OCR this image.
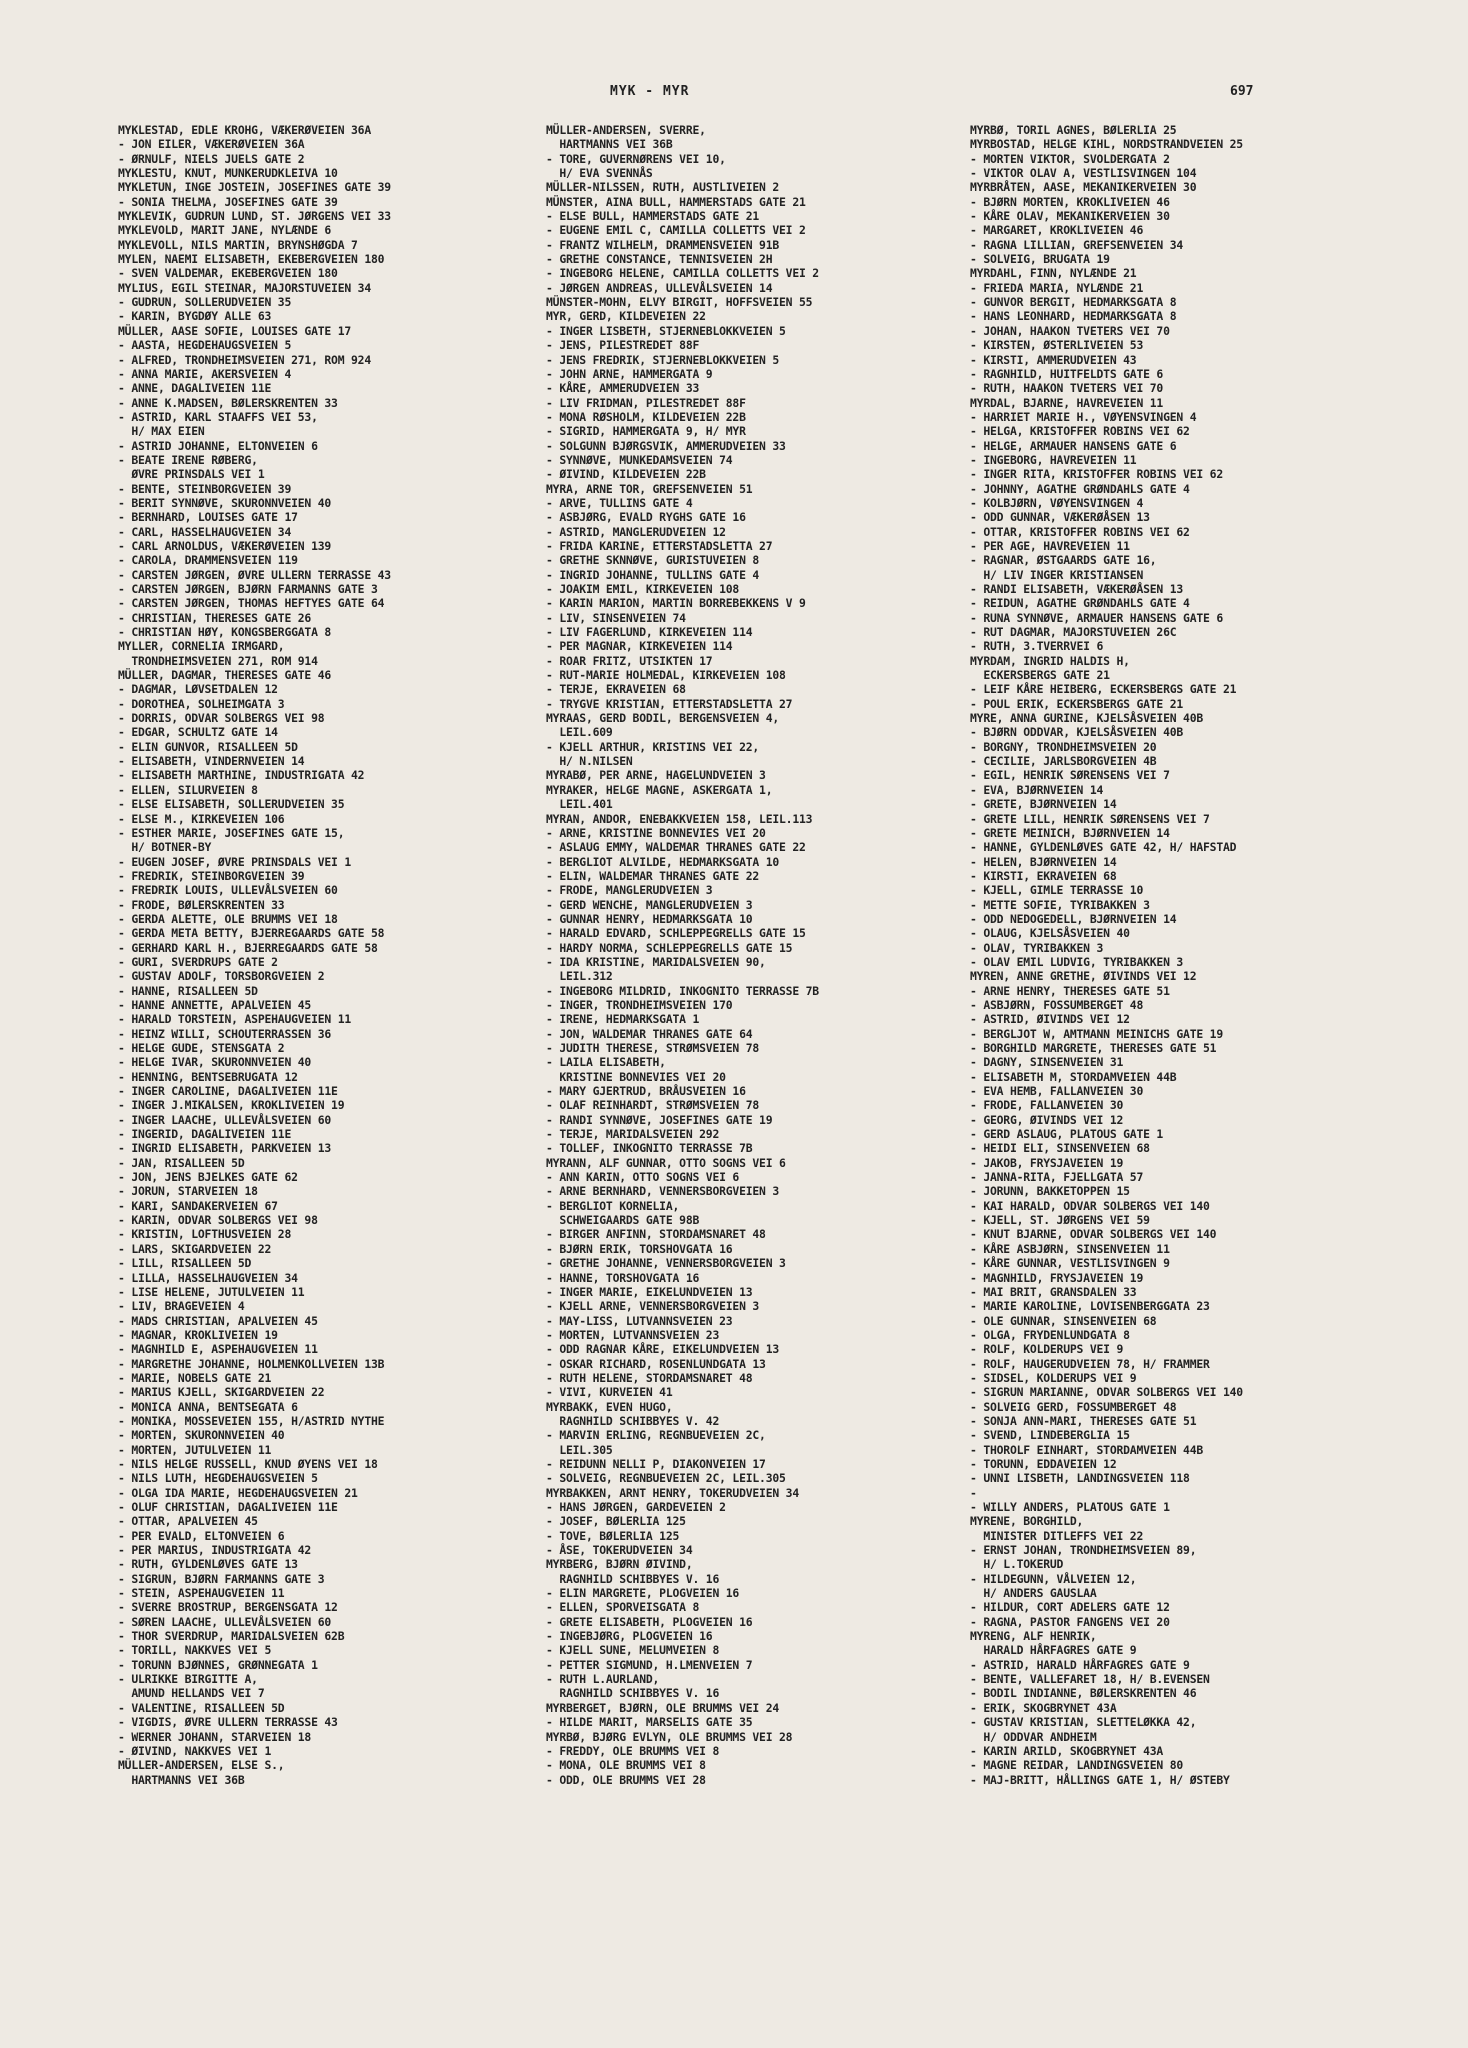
MYK - MYR	697
MYKLESTAD, EDLE KROHG, VÆKERØVEIEN 36A
- JON EILER, VÆKERØVEIEN 36A
- ØRNULF, NIELS JUELS GATE 2
MYKLESTU, KNUT, MUNKERUDKLEIVA 10
MYKLETUN, INGE JOSTEIN, JOSEFINES GATE 39
- SONIA THELMA, JOSEFINES GATE 39
MYKLEVIK, GUDRUN LUND, ST. JØRGENS VEI 33
MYKLEVOLD, MARIT JANE, NYLÆNDE 6
MYKLEVOLL, NILS MARTIN, BRYNSHØGDA 7
MYLEN, NAEMI ELISABETH, EKEBERGVEIEN 180
- SVEN VALDEMAR, EKEBERGVEIEN 180
MYLIUS, EGIL STEINAR, MAJORSTUVEIEN 34
- GUDRUN, SOLLERUDVEIEN 35
- KARIN, BYGDØY ALLE 63
MÜLLER, AASE SOFIE, LOUISES GATE 17
- AASTA, HEGDEHAUGSVEIEN 5
- ALFRED, TRONDHEIMSVEIEN 271, ROM 924
- ANNA MARIE, AKERSVEIEN 4
- ANNE, DAGALIVEIEN 11E
- ANNE K.MADSEN, BØLERSKRENTEN 33
- ASTRID, KARL STAAFFS VEI 53,
H/ MAX EIEN
- ASTRID JOHANNE, ELTONVEIEN 6
- BEATE IRENE RØBERG,
ØVRE PRINSDALS VEI 1
- BENTE, STEINBORGVEIEN 39
- BERIT SYNNØVE, SKURONNVEIEN 40
- BERNHARD, LOUISES GATE 17
- CARL, HASSELHAUGVEIEN 34
- CARL ARNOLDUS, VÆKERØVEIEN 139
- CAROLA, DRAMMENSVEIEN 119
- CARSTEN JØRGEN, ØVRE ULLERN TERRASSE 43
- CARSTEN JØRGEN, BJØRN FARMANNS GATE 3
- CARSTEN JØRGEN, THOMAS HEFTYES GATE 64
- CHRISTIAN, THERESES GATE 26
- CHRISTIAN HØY, KONGSBERGGATA 8
MYLLER, CORNELIA IRMGARD,
TRONDHEIMSVEIEN 271, ROM 914
MÜLLER, DAGMAR, THERESES GATE 46
- DAGMAR, LØVSETDALEN 12
- DOROTHEA, SOLHEIMGATA 3
- DORRIS, ODVAR SOLBERGS VEI 98
- EDGAR, SCHULTZ GATE 14
- ELIN GUNVOR, RISALLEEN 5D
- ELISABETH, VINDERNVEIEN 14
- ELISABETH MARTHINE, INDUSTRIGATA 42
- ELLEN, SILURVEIEN 8
- ELSE ELISABETH, SOLLERUDVEIEN 35
- ELSE M., KIRKEVEIEN 106
- ESTHER MARIE, JOSEFINES GATE 15,
H/ BOTNER-BY
- EUGEN JOSEF, ØVRE PRINSDALS VEI 1
- FREDRIK, STEINBORGVEIEN 39
- FREDRIK LOUIS, ULLEVÅLSVEIEN 60
- FRODE, BØLERSKRENTEN 33
- GERDA ALETTE, OLE BRUMMS VEI 18
- GERDA META BETTY, BJERREGAARDS GATE 58
- GERHARD KARL H., BJERREGAARDS GATE 58
- GURI, SVERDRUPS GATE 2
- GUSTAV ADOLF, TORSBORGVEIEN 2
- HANNE, RISALLEEN 5D
- HANNE ANNETTE, APALVEIEN 45
- HARALD TORSTEIN, ASPEHAUGVEIEN 11
- HEINZ WILLI, SCHOUTERRASSEN 36
- HELGE GUDE, STENSGATA 2
- HELGE IVAR, SKURONNVEIEN 40
- HENNING, BENTSEBRUGATA 12
- INGER CAROLINE, DAGALIVEIEN 11E
- INGER J.MIKALSEN, KROKLIVEIEN 19
- INGER LAACHE, ULLEVÅLSVEIEN 60
- INGERID, DAGALIVEIEN 11E
- INGRID ELISABETH, PARKVEIEN 13
- JAN, RISALLEEN 5D
- JON, JENS BJELKES GATE 62
- JORUN, STARVEIEN 18
- KARI, SANDAKERVEIEN 67
- KARIN, ODVAR SOLBERGS VEI 98
- KRISTIN, LOFTHUSVEIEN 28
- LARS, SKIGARDVEIEN 22
- LILL, RISALLEEN 5D
- LILLA, HASSELHAUGVEIEN 34
- LISE HELENE, JUTULVEIEN 11
- LIV, BRAGEVEIEN 4
- MADS CHRISTIAN, APALVEIEN 45
- MAGNAR, KROKLIVEIEN 19
- MAGNHILD E, ASPEHAUGVEIEN 11
- MARGRETHE JOHANNE, HOLMENKOLLVEIEN 13B
- MARIE, NOBELS GATE 21
- MARIUS KJELL, SKIGARDVEIEN 22
- MONICA ANNA, BENTSEGATA 6
- MONIKA, MOSSEVEIEN 155, H/ASTRID NYTHE
- MORTEN, SKURONNVEIEN 40
- MORTEN, JUTULVEIEN 11
- NILS HELGE RUSSELL, KNUD ØYENS VEI 18
- NILS LUTH, HEGDEHAUGSVEIEN 5
- OLGA IDA MARIE, HEGDEHAUGSVEIEN 21
- OLUF CHRISTIAN, DAGALIVEIEN 11E
- OTTAR, APALVEIEN 45
- PER EVALD, ELTONVEIEN 6
- PER MARIUS, INDUSTRIGATA 42
- RUTH, GYLDENLØVES GATE 13
- SIGRUN, BJØRN FARMANNS GATE 3
- STEIN, ASPEHAUGVEIEN 11
- SVERRE BROSTRUP, BERGENSGATA 12
- SØREN LAACHE, ULLEVÅLSVEIEN 60
- THOR SVERDRUP, MARIDALSVEIEN 62B
- TORILL, NAKKVES VEI 5
- TORUNN BJØNNES, GRØNNEGATA 1
- ULRIKKE BIRGITTE A,
AMUND HELLANDS VEI 7
- VALENTINE, RISALLEEN 5D
- VIGDIS, ØVRE ULLERN TERRASSE 43
- WERNER JOHANN, STARVEIEN 18
- ØIVIND, NAKKVES VEI 1
MÜLLER-ANDERSEN, ELSE S.,
HARTMANNS VEI 36B
MÜLLER-ANDERSEN, SVERRE,
HARTMANNS VEI 36B
- TORE, GUVERNØRENS VEI 10,
H/ EVA SVENNÅS
MÜLLER-NILSSEN, RUTH, AUSTLIVEIEN 2
MÜNSTER, AINA BULL, HAMMERSTADS GATE 21
- ELSE BULL, HAMMERSTADS GATE 21
- EUGENE EMIL C, CAMILLA COLLETTS VEI 2
- FRANTZ WILHELM, DRAMMENSVEIEN 91B
- GRETHE CONSTANCE, TENNISVEIEN 2H
- INGEBORG HELENE, CAMILLA COLLETTS VEI 2
- JØRGEN ANDREAS, ULLEVÅLSVEIEN 14
MÜNSTER-MOHN, ELVY BIRGIT, HOFFSVEIEN 55
MYR, GERD, KILDEVEIEN 22
- INGER LISBETH, STJERNEBLOKKVEIEN 5
- JENS, PILESTREDET 88F
- JENS FREDRIK, STJERNEBLOKKVEIEN 5
- JOHN ARNE, HAMMERGATA 9
- KÅRE, AMMERUDVEIEN 33
- LIV FRIDMAN, PILESTREDET 88F
- MONA RØSHOLM, KILDEVEIEN 22B
- SIGRID, HAMMERGATA 9, H/ MYR
- SOLGUNN BJØRGSVIK, AMMERUDVEIEN 33
- SYNNØVE, MUNKEDAMSVEIEN 74
- ØIVIND, KILDEVEIEN 22B
MYRA, ARNE TOR, GREFSENVEIEN 51
- ARVE, TULLINS GATE 4
- ASBJØRG, EVALD RYGHS GATE 16
- ASTRID, MANGLERUDVEIEN 12
- FRIDA KARINE, ETTERSTADSLETTA 27
- GRETHE SKNNØVE, GURISTUVEIEN 8
- INGRID JOHANNE, TULLINS GATE 4
- JOAKIM EMIL, KIRKEVEIEN 108
- KARIN MARION, MARTIN BORREBEKKENS V 9
- LIV, SINSENVEIEN 74
- LIV FAGERLUND, KIRKEVEIEN 114
- PER MAGNAR, KIRKEVEIEN 114
- ROAR FRITZ, UTSIKTEN 17
- RUT-MARIE HOLMEDAL, KIRKEVEIEN 108
- TERJE, EKRAVEIEN 68
- TRYGVE KRISTIAN, ETTERSTADSLETTA 27
MYRAAS, GERD BODIL, BERGENSVEIEN 4,
LEIL.609
- KJELL ARTHUR, KRISTINS VEI 22,
H/ N.NILSEN
MYRABØ, PER ARNE, HAGELUNDVEIEN 3
MYRAKER, HELGE MAGNE, ASKERGATA 1,
LEIL.401
MYRAN, ANDOR, ENEBAKKVEIEN 158, LEIL.113
- ARNE, KRISTINE BONNEVIES VEI 20
- ASLAUG EMMY, WALDEMAR THRANES GATE 22
- BERGLIOT ALVILDE, HEDMARKSGATA 10
- ELIN, WALDEMAR THRANES GATE 22
- FRODE, MANGLERUDVEIEN 3
- GERD WENCHE, MANGLERUDVEIEN 3
- GUNNAR HENRY, HEDMARKSGATA 10
- HARALD EDVARD, SCHLEPPEGRELLS GATE 15
- HARDY NORMA, SCHLEPPEGRELLS GATE 15
- IDA KRISTINE, MARIDALSVEIEN 90,
LEIL.312
- INGEBORG MILDRID, INKOGNITO TERRASSE 7B
- INGER, TRONDHEIMSVEIEN 170
- IRENE, HEDMARKSGATA 1
- JON, WALDEMAR THRANES GATE 64
- JUDITH THERESE, STRØMSVEIEN 78
- LAILA ELISABETH,
KRISTINE BONNEVIES VEI 20
- MARY GJERTRUD, BRÅUSVEIEN 16
- OLAF REINHARDT, STRØMSVEIEN 78
- RANDI SYNNØVE, JOSEFINES GATE 19
- TERJE, MARIDALSVEIEN 292
- TOLLEF, INKOGNITO TERRASSE 7B
MYRANN, ALF GUNNAR, OTTO SOGNS VEI 6
- ANN KARIN, OTTO SOGNS VEI 6
- ARNE BERNHARD, VENNERSBORGVEIEN 3
- BERGLIOT KORNELIA,
SCHWEIGAARDS GATE 98B
- BIRGER ANFINN, STORDAMSNARET 48
- BJØRN ERIK, TORSHOVGATA 16
- GRETHE JOHANNE, VENNERSBORGVEIEN 3
- HANNE, TORSHOVGATA 16
- INGER MARIE, EIKELUNDVEIEN 13
- KJELL ARNE, VENNERSBORGVEIEN 3
- MAY-LISS, LUTVANNSVEIEN 23
- MORTEN, LUTVANNSVEIEN 23
- ODD RAGNAR KÅRE, EIKELUNDVEIEN 13
- OSKAR RICHARD, ROSENLUNDGATA 13
- RUTH HELENE, STORDAMSNARET 48
- VIVI, KURVEIEN 41
MYRBAKK, EVEN HUGO,
RAGNHILD SCHIBBYES V. 42
- MARVIN ERLING, REGNBUEVEIEN 2C,
LEIL.305
- REIDUNN NELLI P, DIAKONVEIEN 17
- SOLVEIG, REGNBUEVEIEN 2C, LEIL.305
MYRBAKKEN, ARNT HENRY, TOKERUDVEIEN 34
- HANS JØRGEN, GARDEVEIEN 2
- JOSEF, BØLERLIA 125
- TOVE, BØLERLIA 125
- ÅSE, TOKERUDVEIEN 34
MYRBERG, BJØRN ØIVIND,
RAGNHILD SCHIBBYES V. 16
- ELIN MARGRETE, PLOGVEIEN 16
- ELLEN, SPORVEISGATA 8
- GRETE ELISABETH, PLOGVEIEN 16
- INGEBJØRG, PLOGVEIEN 16
- KJELL SUNE, MELUMVEIEN 8
- PETTER SIGMUND, H.LMENVEIEN 7
- RUTH L.AURLAND,
RAGNHILD SCHIBBYES V. 16
MYRBERGET, BJØRN, OLE BRUMMS VEI 24
- HILDE MARIT, MARSELIS GATE 35
MYRBØ, BJØRG EVLYN, OLE BRUMMS VEI 28
- FREDDY, OLE BRUMMS VEI 8
- MONA, OLE BRUMMS VEI 8
- ODD, OLE BRUMMS VEI 28
MYRBØ, TORIL AGNES, BØLERLIA 25
MYRBOSTAD, HELGE KIHL, NORDSTRANDVEIEN 25
- MORTEN VIKTOR, SVOLDERGATA 2
- VIKTOR OLAV A, VESTLISVINGEN 104
MYRBRÅTEN, AASE, MEKANIKERVEIEN 30
- BJØRN MORTEN, KROKLIVEIEN 46
- KÅRE OLAV, MEKANIKERVEIEN 30
- MARGARET, KROKLIVEIEN 46
- RAGNA LILLIAN, GREFSENVEIEN 34
- SOLVEIG, BRUGATA 19
MYRDAHL, FINN, NYLÆNDE 21
- FRIEDA MARIA, NYLÆNDE 21
- GUNVOR BERGIT, HEDMARKSGATA 8
- HANS LEONHARD, HEDMARKSGATA 8
- JOHAN, HAAKON TVETERS VEI 70
- KIRSTEN, ØSTERLIVEIEN 53
- KIRSTI, AMMERUDVEIEN 43
- RAGNHILD, HUITFELDTS GATE 6
- RUTH, HAAKON TVETERS VEI 70
MYRDAL, BJARNE, HAVREVEIEN 11
- HARRIET MARIE H., VØYENSVINGEN 4
- HELGA, KRISTOFFER ROBINS VEI 62
- HELGE, ARMAUER HANSENS GATE 6
- INGEBORG, HAVREVEIEN 11
- INGER RITA, KRISTOFFER ROBINS VEI 62
- JOHNNY, AGATHE GRØNDAHLS GATE 4
- KOLBJØRN, VØYENSVINGEN 4
- ODD GUNNAR, VÆKERØÅSEN 13
- OTTAR, KRISTOFFER ROBINS VEI 62
- PER AGE, HAVREVEIEN 11
- RAGNAR, ØSTGAARDS GATE 16,
H/ LIV INGER KRISTIANSEN
- RANDI ELISABETH, VÆKERØÅSEN 13
- REIDUN, AGATHE GRØNDAHLS GATE 4
- RUNA SYNNØVE, ARMAUER HANSENS GATE 6
- RUT DAGMAR, MAJORSTUVEIEN 26C
- RUTH, 3.TVERRVEI 6
MYRDAM, INGRID HALDIS H,
ECKERSBERGS GATE 21
- LEIF KÅRE HEIBERG, ECKERSBERGS GATE 21
- POUL ERIK, ECKERSBERGS GATE 21
MYRE, ANNA GURINE, KJELSÅSVEIEN 40B
- BJØRN ODDVAR, KJELSÅSVEIEN 40B
- BORGNY, TRONDHEIMSVEIEN 20
- CECILIE, JARLSBORGVEIEN 4B
- EGIL, HENRIK SØRENSENS VEI 7
- EVA, BJØRNVEIEN 14
- GRETE, BJØRNVEIEN 14
- GRETE LILL, HENRIK SØRENSENS VEI 7
- GRETE MEINICH, BJØRNVEIEN 14
- HANNE, GYLDENLØVES GATE 42, H/ HAFSTAD
- HELEN, BJØRNVEIEN 14
- KIRSTI, EKRAVEIEN 68
- KJELL, GIMLE TERRASSE 10
- METTE SOFIE, TYRIBAKKEN 3
- ODD NEDOGEDELL, BJØRNVEIEN 14
- OLAUG, KJELSÅSVEIEN 40
- OLAV, TYRIBAKKEN 3
- OLAV EMIL LUDVIG, TYRIBAKKEN 3
MYREN, ANNE GRETHE, ØIVINDS VEI 12
- ARNE HENRY, THERESES GATE 51
- ASBJØRN, FOSSUMBERGET 48
- ASTRID, ØIVINDS VEI 12
- BERGLJOT W, AMTMANN MEINICHS GATE 19
- BORGHILD MARGRETE, THERESES GATE 51
- DAGNY, SINSENVEIEN 31
- ELISABETH M, STORDAMVEIEN 44B
- EVA HEMB, FALLANVEIEN 30
- FRODE, FALLANVEIEN 30
- GEORG, ØIVINDS VEI 12
- GERD ASLAUG, PLATOUS GATE 1
- HEIDI ELI, SINSENVEIEN 68
- JAKOB, FRYSJAVEIEN 19
- JANNA-RITA, FJELLGATA 57
- JORUNN, BAKKETOPPEN 15
- KAI HARALD, ODVAR SOLBERGS VEI 140
- KJELL, ST. JØRGENS VEI 59
- KNUT BJARNE, ODVAR SOLBERGS VEI 140
- KÅRE ASBJØRN, SINSENVEIEN 11
- KÅRE GUNNAR, VESTLISVINGEN 9
- MAGNHILD, FRYSJAVEIEN 19
- MAI BRIT, GRANSDALEN 33
- MARIE KAROLINE, LOVISENBERGGATA 23
- OLE GUNNAR, SINSENVEIEN 68
- OLGA, FRYDENLUNDGATA 8
- ROLF, KOLDERUPS VEI 9
- ROLF, HAUGERUDVEIEN 78, H/ FRAMMER
- SIDSEL, KOLDERUPS VEI 9
- SIGRUN MARIANNE, ODVAR SOLBERGS VEI 140
- SOLVEIG GERD, FOSSUMBERGET 48
- SONJA ANN-MARI, THERESES GATE 51
- SVEND, LINDEBERGLIA 15
- THOROLF EINHART, STORDAMVEIEN 44B
- TORUNN, EDDAVEIEN 12
- UNNI LISBETH, LANDINGSVEIEN 118
-
- WILLY ANDERS, PLATOUS GATE 1
MYRENE, BORGHILD,
MINISTER DITLEFFS VEI 22
- ERNST JOHAN, TRONDHEIMSVEIEN 89,
H/ L.TOKERUD
- HILDEGUNN, VÅLVEIEN 12,
H/ ANDERS GAUSLAA
- HILDUR, CORT ADELERS GATE 12
- RAGNA, PASTOR FANGENS VEI 20
MYRENG, ALF HENRIK,
HARALD HÅRFAGRES GATE 9
- ASTRID, HARALD HÅRFAGRES GATE 9
- BENTE, VALLEFARET 18, H/ B.EVENSEN
- BODIL INDIANNE, BØLERSKRENTEN 46
- ERIK, SKOGBRYNET 43A
- GUSTAV KRISTIAN, SLETTELØKKA 42,
H/ ODDVAR ANDHEIM
- KARIN ARILD, SKOGBRYNET 43A
- MAGNE REIDAR, LANDINGSVEIEN 80
- MAJ-BRITT, HÅLLINGS GATE 1, H/ ØSTEBY
